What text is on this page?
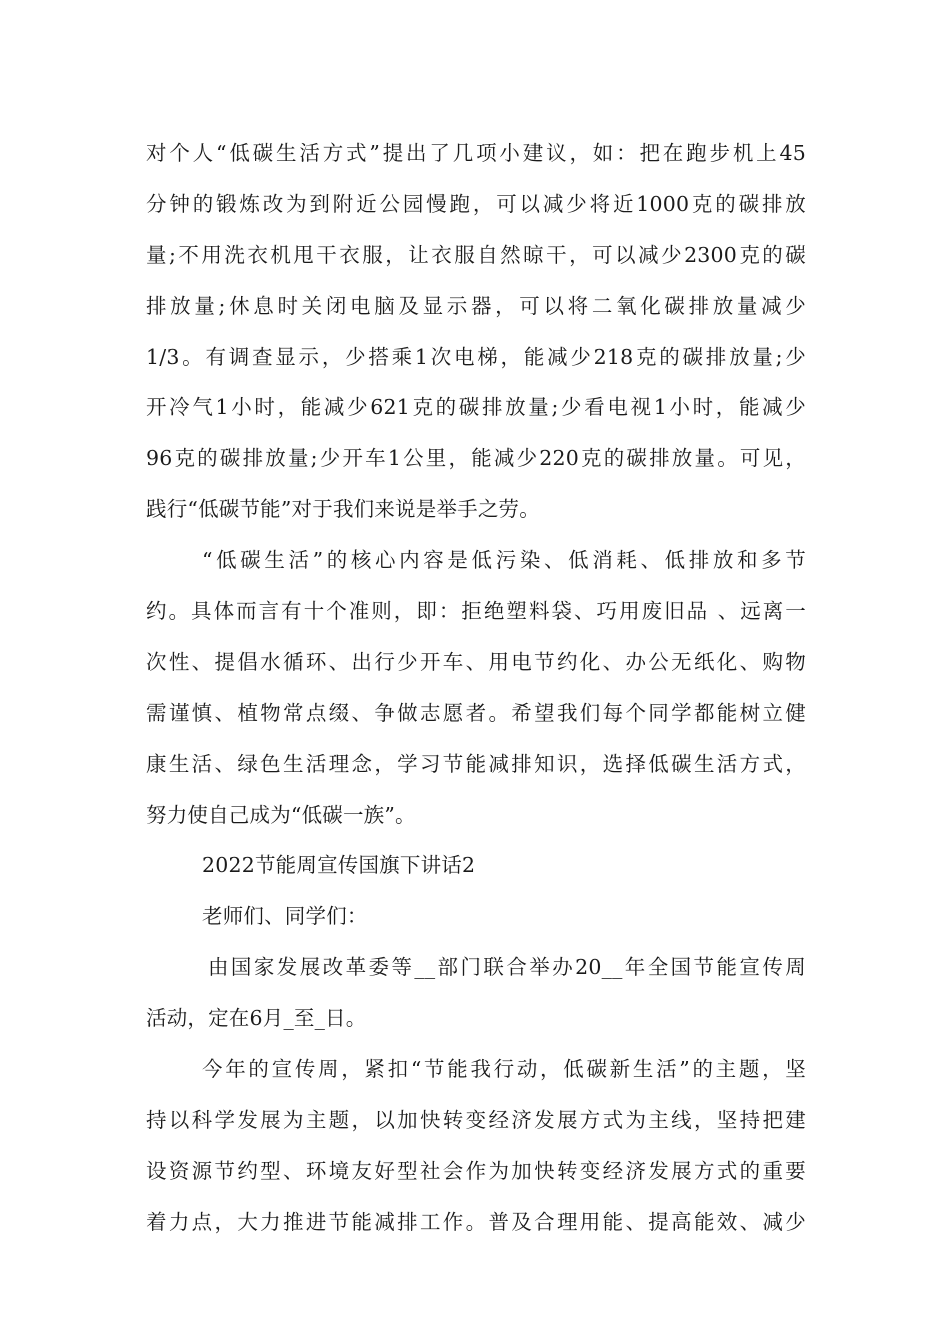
对个人“低碳生活方式”提出了几项小建议，如：把在跑步机上45
分钟的锻炼改为到附近公园慢跑，可以减少将近1000克的碳排放
量;不用洗衣机甩干衣服，让衣服自然晾干，可以减少2300克的碳
排放量;休息时关闭电脑及显示器，可以将二氧化碳排放量减少
1/3。有调查显示，少搭乘1次电梯，能减少218克的碳排放量;少
开冷气1小时，能减少621克的碳排放量;少看电视1小时，能减少
96克的碳排放量;少开车1公里，能减少220克的碳排放量。可见，
践行“低碳节能”对于我们来说是举手之劳。
“低碳生活”的核心内容是低污染、低消耗、低排放和多节
约。具体而言有十个准则，即：拒绝塑料袋、巧用废旧品 、远离一
次性、提倡水循环、出行少开车、用电节约化、办公无纸化、购物
需谨慎、植物常点缀、争做志愿者。希望我们每个同学都能树立健
康生活、绿色生活理念，学习节能减排知识，选择低碳生活方式，
努力使自己成为“低碳一族”。
2022节能周宣传国旗下讲话2
老师们、同学们：
由国家发展改革委等__部门联合举办20__年全国节能宣传周
活动，定在6月_至_日。
今年的宣传周，紧扣“节能我行动，低碳新生活”的主题，坚
持以科学发展为主题，以加快转变经济发展方式为主线，坚持把建
设资源节约型、环境友好型社会作为加快转变经济发展方式的重要
着力点，大力推进节能减排工作。普及合理用能、提高能效、减少
